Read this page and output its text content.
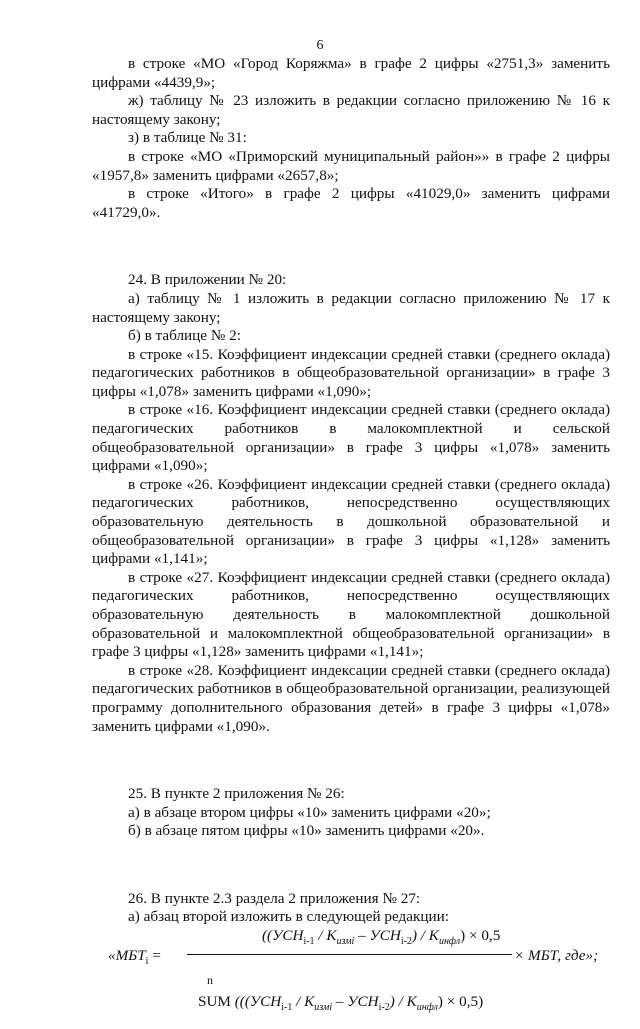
6

в строке «МО «Город Коряжма» в графе 2 цифры «2751,3» заменить цифрами «4439,9»;

ж) таблицу № 23 изложить в редакции согласно приложению № 16 к настоящему закону;

з) в таблице № 31:

в строке «МО «Приморский муниципальный район»» в графе 2 цифры «1957,8» заменить цифрами «2657,8»;

в строке «Итого» в графе 2 цифры «41029,0» заменить цифрами «41729,0».

24. В приложении № 20:

а) таблицу № 1 изложить в редакции согласно приложению № 17 к настоящему закону;

б) в таблице № 2:

в строке «15. Коэффициент индексации средней ставки (среднего оклада) педагогических работников в общеобразовательной организации» в графе 3 цифры «1,078» заменить цифрами «1,090»;

в строке «16. Коэффициент индексации средней ставки (среднего оклада) педагогических работников в малокомплектной и сельской общеобразовательной организации» в графе 3 цифры «1,078» заменить цифрами «1,090»;

в строке «26. Коэффициент индексации средней ставки (среднего оклада) педагогических работников, непосредственно осуществляющих образовательную деятельность в дошкольной образовательной и общеобразовательной организации» в графе 3 цифры «1,128» заменить цифрами «1,141»;

в строке «27. Коэффициент индексации средней ставки (среднего оклада) педагогических работников, непосредственно осуществляющих образовательную деятельность в малокомплектной дошкольной образовательной и малокомплектной общеобразовательной организации» в графе 3 цифры «1,128» заменить цифрами «1,141»;

в строке «28. Коэффициент индексации средней ставки (среднего оклада) педагогических работников в общеобразовательной организации, реализующей программу дополнительного образования детей» в графе 3 цифры «1,078» заменить цифрами «1,090».

25. В пункте 2 приложения № 26:

а) в абзаце втором цифры «10» заменить цифрами «20»;

б) в абзаце пятом цифры «10» заменить цифрами «20».

26. В пункте 2.3 раздела 2 приложения № 27:

а) абзац второй изложить в следующей редакции:

«$МБТ_i$ =
$((УСН_{i-1} / K_{измi} - УСН_{i-2}) / K_{инфл}) \times 0,5$
× МБТ, где»;
n
SUM $(((УСН_{i-1} / K_{измi} - УСН_{i-2}) / K_{инфл}) \times 0,5)$
